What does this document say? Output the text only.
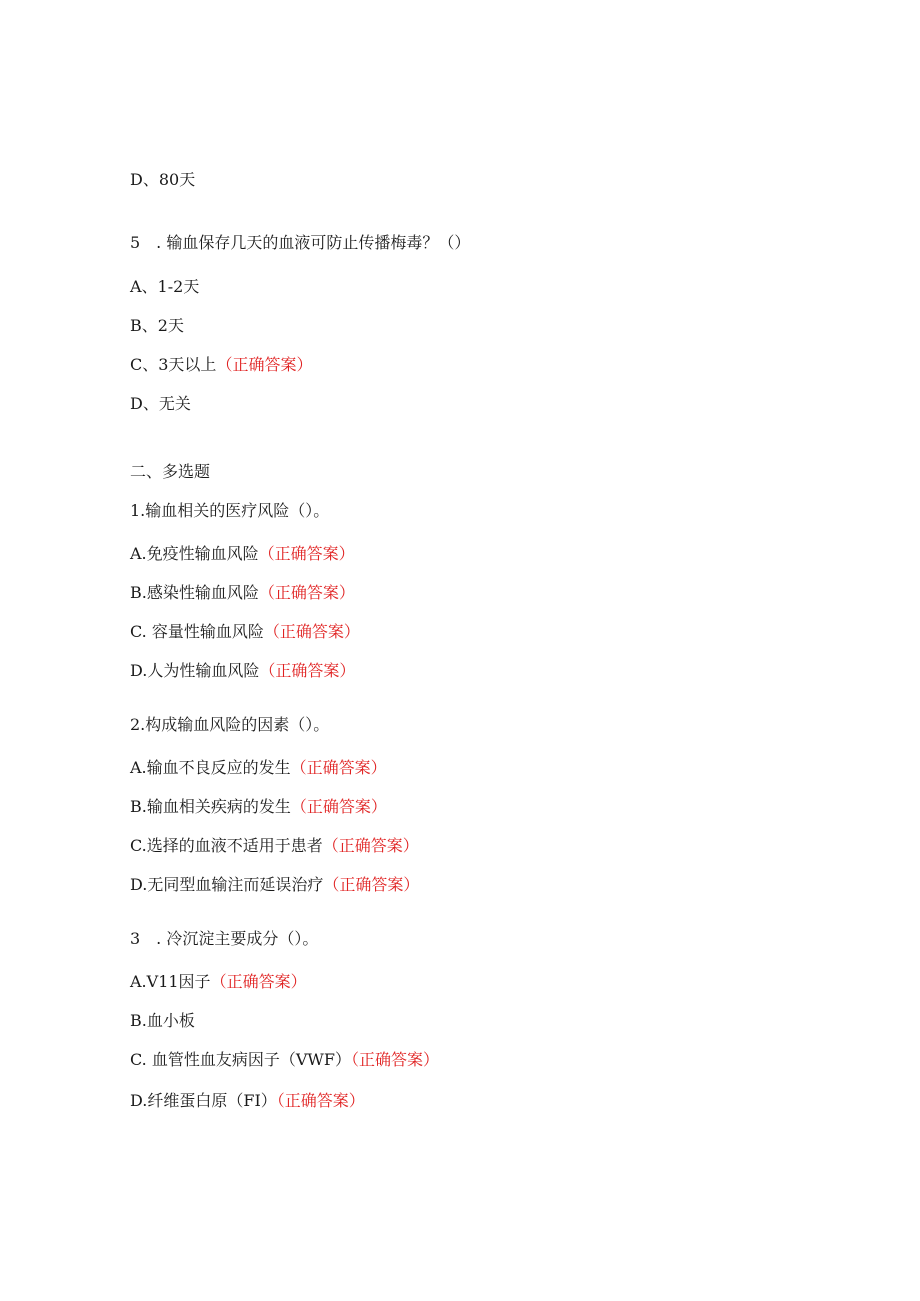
D、80天
5　. 输血保存几天的血液可防止传播梅毒？（）
A、1-2天
B、2天
C、3天以上（正确答案）
D、无关
二、多选题
1.输血相关的医疗风险（）。
A.免疫性输血风险（正确答案）
B.感染性输血风险（正确答案）
C. 容量性输血风险（正确答案）
D.人为性输血风险（正确答案）
2.构成输血风险的因素（）。
A.输血不良反应的发生（正确答案）
B.输血相关疾病的发生（正确答案）
C.选择的血液不适用于患者（正确答案）
D.无同型血输注而延误治疗（正确答案）
3　. 冷沉淀主要成分（）。
A.V11因子（正确答案）
B.血小板
C. 血管性血友病因子（VWF）（正确答案）
D.纤维蛋白原（FI）（正确答案）
